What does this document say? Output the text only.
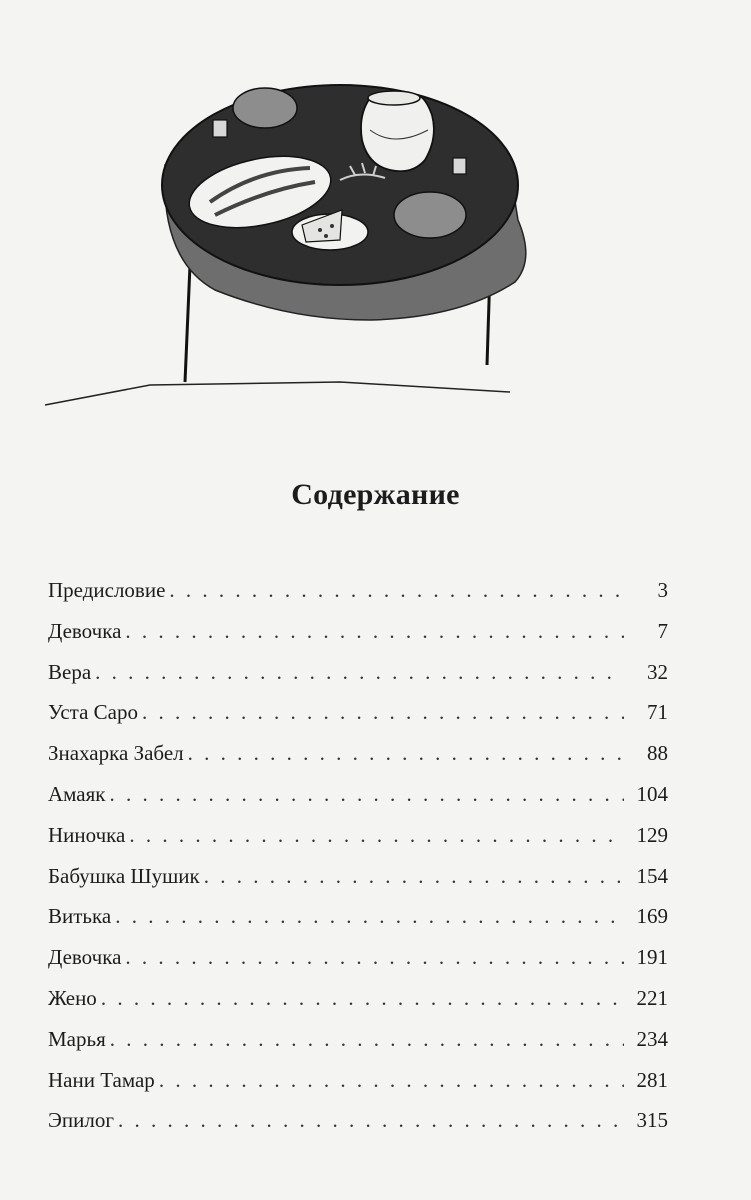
Содержание
Предисловие . . .	3
Девочка . . .	7
Вера . . .	32
Уста Саро . . .	71
Знахарка Забел . . .	88
Амаяк . . .	104
Ниночка . . .	129
Бабушка Шушик . . .	154
Витька . . .	169
Девочка . . .	191
Жено . . .	221
Марья . . .	234
Нани Тамар . . .	281
Эпилог . . .	315
